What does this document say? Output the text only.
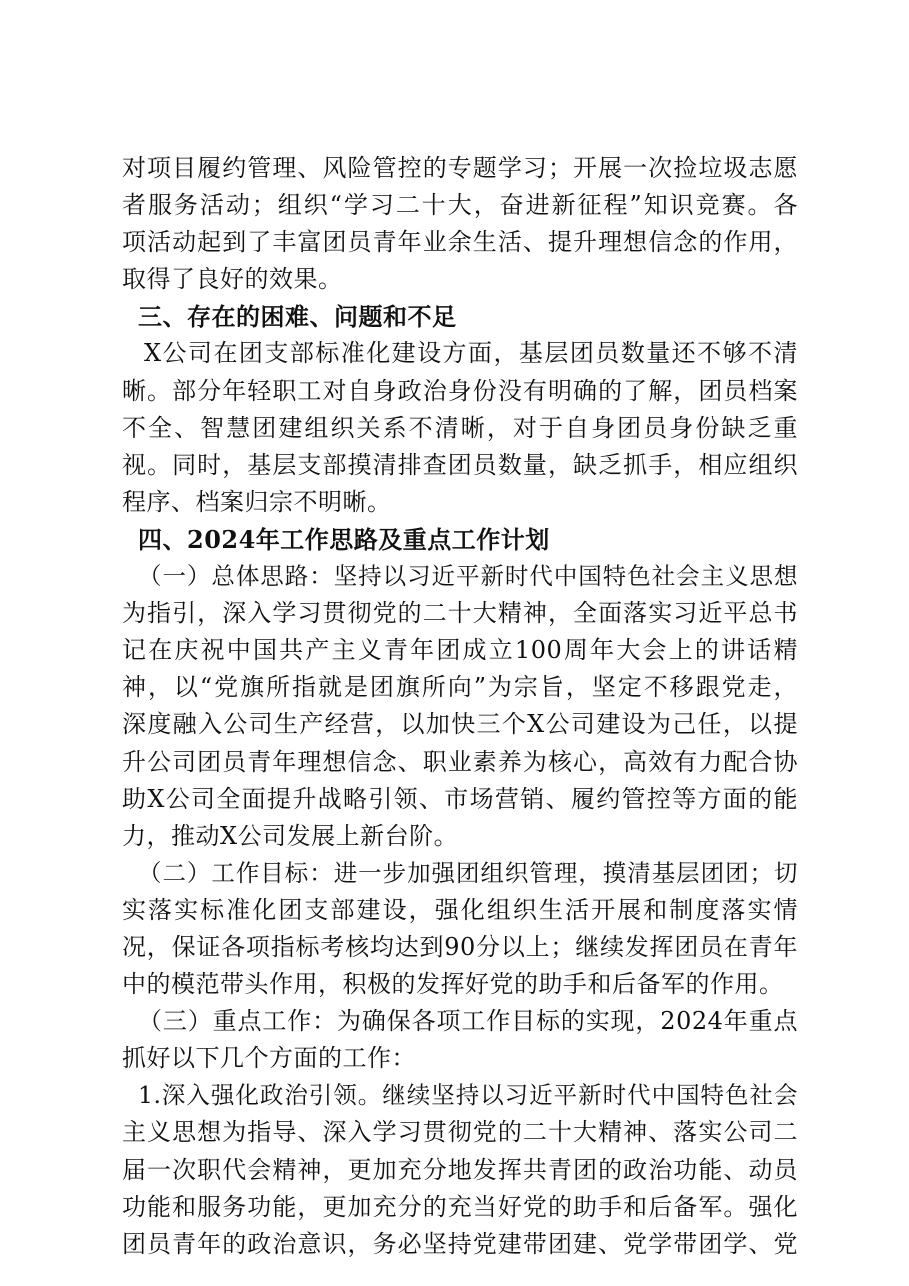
对项目履约管理、风险管控的专题学习；开展一次捡垃圾志愿
者服务活动；组织“学习二十大，奋进新征程”知识竞赛。各
项活动起到了丰富团员青年业余生活、提升理想信念的作用，
取得了良好的效果。
三、存在的困难、问题和不足
X公司在团支部标准化建设方面，基层团员数量还不够不清
晰。部分年轻职工对自身政治身份没有明确的了解，团员档案
不全、智慧团建组织关系不清晰，对于自身团员身份缺乏重
视。同时，基层支部摸清排查团员数量，缺乏抓手，相应组织
程序、档案归宗不明晰。
四、2024年工作思路及重点工作计划
（一）总体思路：坚持以习近平新时代中国特色社会主义思想
为指引，深入学习贯彻党的二十大精神，全面落实习近平总书
记在庆祝中国共产主义青年团成立100周年大会上的讲话精
神，以“党旗所指就是团旗所向”为宗旨，坚定不移跟党走，
深度融入公司生产经营，以加快三个X公司建设为己任，以提
升公司团员青年理想信念、职业素养为核心，高效有力配合协
助X公司全面提升战略引领、市场营销、履约管控等方面的能
力，推动X公司发展上新台阶。
（二）工作目标：进一步加强团组织管理，摸清基层团团；切
实落实标准化团支部建设，强化组织生活开展和制度落实情
况，保证各项指标考核均达到90分以上；继续发挥团员在青年
中的模范带头作用，积极的发挥好党的助手和后备军的作用。
（三）重点工作：为确保各项工作目标的实现，2024年重点
抓好以下几个方面的工作：
1.深入强化政治引领。继续坚持以习近平新时代中国特色社会
主义思想为指导、深入学习贯彻党的二十大精神、落实公司二
届一次职代会精神，更加充分地发挥共青团的政治功能、动员
功能和服务功能，更加充分的充当好党的助手和后备军。强化
团员青年的政治意识，务必坚持党建带团建、党学带团学、党
